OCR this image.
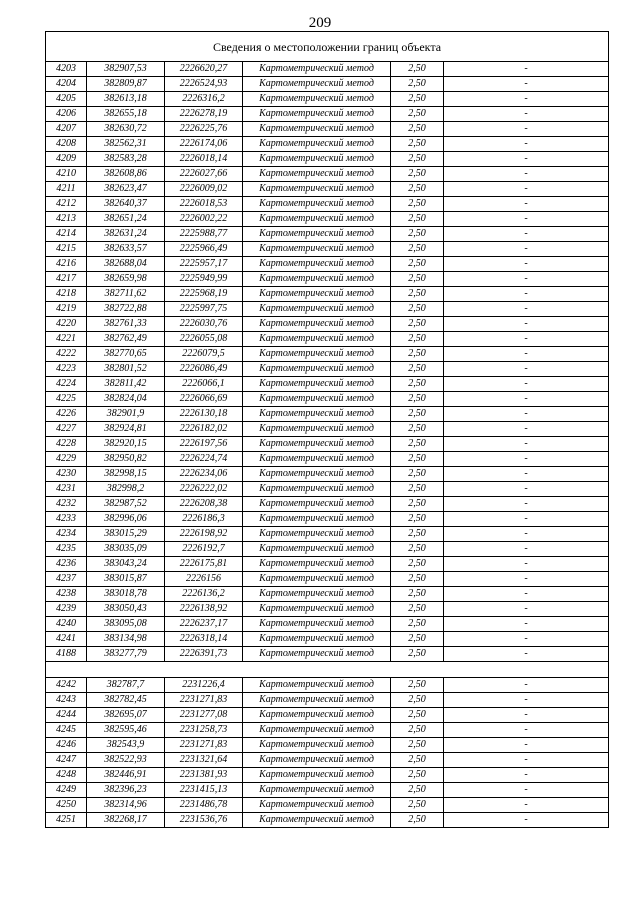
209
Сведения о местоположении границ объекта					
4203	382907,53	2226620,27	Картометрический метод	2,50	-
4204	382809,87	2226524,93	Картометрический метод	2,50	-
4205	382613,18	2226316,2	Картометрический метод	2,50	-
4206	382655,18	2226278,19	Картометрический метод	2,50	-
4207	382630,72	2226225,76	Картометрический метод	2,50	-
4208	382562,31	2226174,06	Картометрический метод	2,50	-
4209	382583,28	2226018,14	Картометрический метод	2,50	-
4210	382608,86	2226027,66	Картометрический метод	2,50	-
4211	382623,47	2226009,02	Картометрический метод	2,50	-
4212	382640,37	2226018,53	Картометрический метод	2,50	-
4213	382651,24	2226002,22	Картометрический метод	2,50	-
4214	382631,24	2225988,77	Картометрический метод	2,50	-
4215	382633,57	2225966,49	Картометрический метод	2,50	-
4216	382688,04	2225957,17	Картометрический метод	2,50	-
4217	382659,98	2225949,99	Картометрический метод	2,50	-
4218	382711,62	2225968,19	Картометрический метод	2,50	-
4219	382722,88	2225997,75	Картометрический метод	2,50	-
4220	382761,33	2226030,76	Картометрический метод	2,50	-
4221	382762,49	2226055,08	Картометрический метод	2,50	-
4222	382770,65	2226079,5	Картометрический метод	2,50	-
4223	382801,52	2226086,49	Картометрический метод	2,50	-
4224	382811,42	2226066,1	Картометрический метод	2,50	-
4225	382824,04	2226066,69	Картометрический метод	2,50	-
4226	382901,9	2226130,18	Картометрический метод	2,50	-
4227	382924,81	2226182,02	Картометрический метод	2,50	-
4228	382920,15	2226197,56	Картометрический метод	2,50	-
4229	382950,82	2226224,74	Картометрический метод	2,50	-
4230	382998,15	2226234,06	Картометрический метод	2,50	-
4231	382998,2	2226222,02	Картометрический метод	2,50	-
4232	382987,52	2226208,38	Картометрический метод	2,50	-
4233	382996,06	2226186,3	Картометрический метод	2,50	-
4234	383015,29	2226198,92	Картометрический метод	2,50	-
4235	383035,09	2226192,7	Картометрический метод	2,50	-
4236	383043,24	2226175,81	Картометрический метод	2,50	-
4237	383015,87	2226156	Картометрический метод	2,50	-
4238	383018,78	2226136,2	Картометрический метод	2,50	-
4239	383050,43	2226138,92	Картометрический метод	2,50	-
4240	383095,08	2226237,17	Картометрический метод	2,50	-
4241	383134,98	2226318,14	Картометрический метод	2,50	-
4188	383277,79	2226391,73	Картометрический метод	2,50	-

4242	382787,7	2231226,4	Картометрический метод	2,50	-
4243	382782,45	2231271,83	Картометрический метод	2,50	-
4244	382695,07	2231277,08	Картометрический метод	2,50	-
4245	382595,46	2231258,73	Картометрический метод	2,50	-
4246	382543,9	2231271,83	Картометрический метод	2,50	-
4247	382522,93	2231321,64	Картометрический метод	2,50	-
4248	382446,91	2231381,93	Картометрический метод	2,50	-
4249	382396,23	2231415,13	Картометрический метод	2,50	-
4250	382314,96	2231486,78	Картометрический метод	2,50	-
4251	382268,17	2231536,76	Картометрический метод	2,50	-
